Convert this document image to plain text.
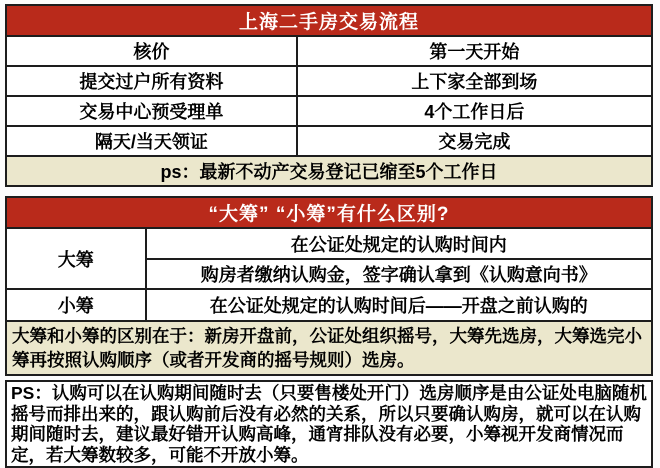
上海二手房交易流程	
核价	第一天开始
提交过户所有资料	上下家全部到场
交易中心预受理单	4个工作日后
隔天/当天领证	交易完成
ps：最新不动产交易登记已缩至5个工作日	
“大筹” “小筹”有什么区别?	
大筹	在公证处规定的认购时间内
	购房者缴纳认购金，签字确认拿到《认购意向书》
小筹	在公证处规定的认购时间后——开盘之前认购的
大筹和小筹的区别在于：新房开盘前，公证处组织摇号，大筹先选房，大筹选完小筹再按照认购顺序（或者开发商的摇号规则）选房。	
PS：认购可以在认购期间随时去（只要售楼处开门）选房顺序是由公证处电脑随机摇号而排出来的，跟认购前后没有必然的关系，所以只要确认购房，就可以在认购期间随时去，建议最好错开认购高峰，通宵排队没有必要，小筹视开发商情况而定，若大筹数较多，可能不开放小筹。
